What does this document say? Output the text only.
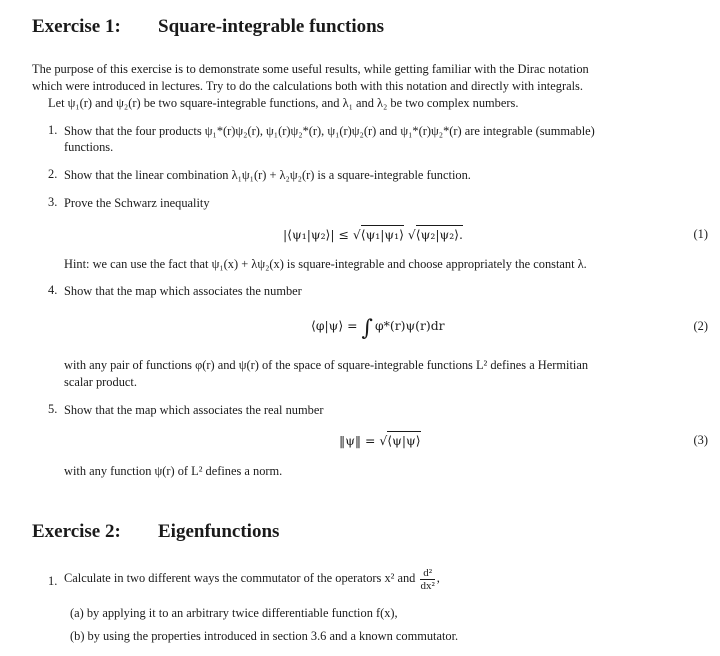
Exercise 1: Square-integrable functions
The purpose of this exercise is to demonstrate some useful results, while getting familiar with the Dirac notation
which were introduced in lectures. Try to do the calculations both with this notation and directly with integrals.
Let ψ₁(r) and ψ₂(r) be two square-integrable functions, and λ₁ and λ₂ be two complex numbers.
1. Show that the four products ψ₁*(r)ψ₂(r), ψ₁(r)ψ₂*(r), ψ₁(r)ψ₂(r) and ψ₁*(r)ψ₂*(r) are integrable (summable)
functions.
2. Show that the linear combination λ₁ψ₁(r) + λ₂ψ₂(r) is a square-integrable function.
3. Prove the Schwarz inequality
|⟨ψ₁|ψ₂⟩| ≤ √⟨ψ₁|ψ₁⟩ √⟨ψ₂|ψ₂⟩.	(1)
Hint: we can use the fact that ψ₁(x) + λψ₂(x) is square-integrable and choose appropriately the constant λ.
4. Show that the map which associates the number
⟨φ|ψ⟩ = ∫ φ*(r)ψ(r)dr	(2)
with any pair of functions φ(r) and ψ(r) of the space of square-integrable functions L² defines a Hermitian
scalar product.
5. Show that the map which associates the real number
‖ψ‖ = √⟨ψ|ψ⟩	(3)
with any function ψ(r) of L² defines a norm.
Exercise 2: Eigenfunctions
1. Calculate in two different ways the commutator of the operators x² and $\frac{\text{d²}}{\text{dx²}}$ ,
(a) by applying it to an arbitrary twice differentiable function f(x),
(b) by using the properties introduced in section 3.6 and a known commutator.
